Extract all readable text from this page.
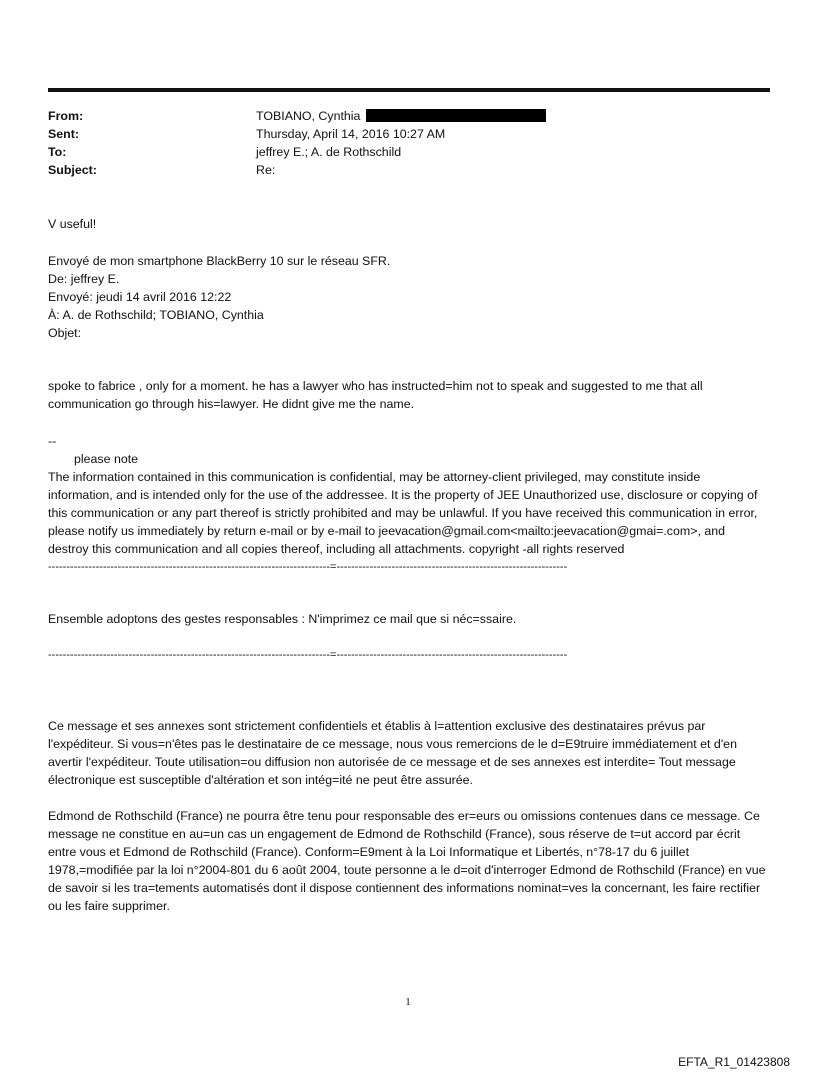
From:	TOBIANO, Cynthia
Sent:	Thursday, April 14, 2016 10:27 AM
To:	jeffrey E.; A. de Rothschild
Subject:	Re:

V useful!

Envoyé de mon smartphone BlackBerry 10 sur le réseau SFR.

De: jeffrey E.

Envoyé: jeudi 14 avril 2016 12:22

À: A. de Rothschild; TOBIANO, Cynthia

Objet:

spoke to fabrice , only for a moment. he has a lawyer who has instructed=him not to speak and suggested to me that all communication go through his=lawyer. He didnt give me the name.

--

please note

The information contained in this communication is confidential, may be attorney-client privileged, may constitute inside information, and is intended only for the use of the addressee. It is the property of JEE Unauthorized use, disclosure or copying of this communication or any part thereof is strictly prohibited and may be unlawful. If you have received this communication in error, please notify us immediately by return e-mail or by e-mail to jeevacation@gmail.com<mailto:jeevacation@gmai=.com>, and destroy this communication and all copies thereof, including all attachments. copyright -all rights reserved

-----------------------------------------------------------------------------=---------------------------------------------------------------

Ensemble adoptons des gestes responsables : N'imprimez ce mail que si néc=ssaire.

-----------------------------------------------------------------------------=---------------------------------------------------------------

Ce message et ses annexes sont strictement confidentiels et établis à l=attention exclusive des destinataires prévus par l'expéditeur. Si vous=n'êtes pas le destinataire de ce message, nous vous remercions de le d=E9truire immédiatement et d'en avertir l'expéditeur. Toute utilisation=ou diffusion non autorisée de ce message et de ses annexes est interdite= Tout message électronique est susceptible d'altération et son intég=ité ne peut être assurée.

Edmond de Rothschild (France) ne pourra être tenu pour responsable des er=eurs ou omissions contenues dans ce message. Ce message ne constitue en au=un cas un engagement de Edmond de Rothschild (France), sous réserve de t=ut accord par écrit entre vous et Edmond de Rothschild (France). Conform=E9ment à la Loi Informatique et Libertés, n°78-17 du 6 juillet 1978,=modifiée par la loi n°2004-801 du 6 août 2004, toute personne a le d=oit d'interroger Edmond de Rothschild (France) en vue de savoir si les tra=tements automatisés dont il dispose contiennent des informations nominat=ves la concernant, les faire rectifier ou les faire supprimer.

1
EFTA_R1_01423808
